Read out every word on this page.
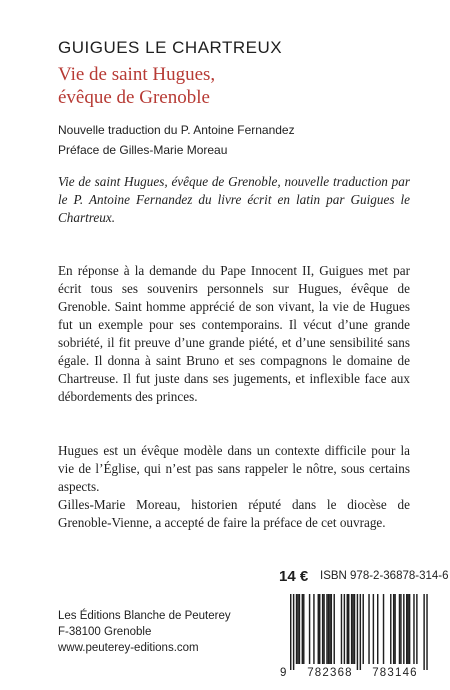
GUIGUES LE CHARTREUX
Vie de saint Hugues,
évêque de Grenoble
Nouvelle traduction du P. Antoine Fernandez
Préface de Gilles-Marie Moreau

Vie de saint Hugues, évêque de Grenoble, nouvelle traduction par le P. Antoine Fernandez du livre écrit en latin par Guigues le Chartreux.

En réponse à la demande du Pape Innocent II, Guigues met par écrit tous ses souvenirs personnels sur Hugues, évêque de Grenoble. Saint homme apprécié de son vivant, la vie de Hugues fut un exemple pour ses contemporains. Il vécut d’une grande sobriété, il fit preuve d’une grande piété, et d’une sensibilité sans égale. Il donna à saint Bruno et ses compagnons le domaine de Chartreuse. Il fut juste dans ses jugements, et inflexible face aux débordements des princes.

Hugues est un évêque modèle dans un contexte difficile pour la vie de l’Église, qui n’est pas sans rappeler le nôtre, sous certains aspects.

Gilles-Marie Moreau, historien réputé dans le diocèse de Grenoble-Vienne, a accepté de faire la préface de cet ouvrage.

14 € ISBN 978-2-36878-314-6
Les Éditions Blanche de Peuterey
F-38100 Grenoble
www.peuterey-editions.com
9 782368 783146
